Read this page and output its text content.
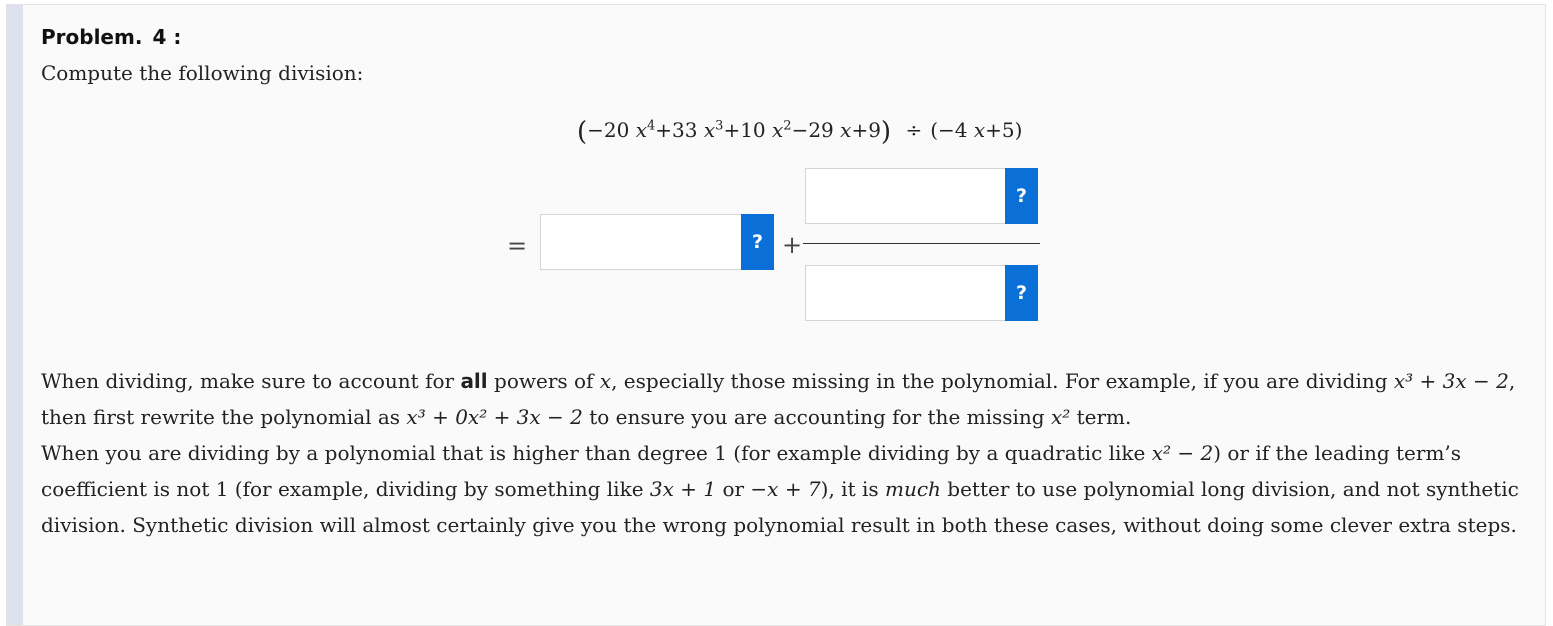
Problem. 4 :
Compute the following division:
(−20 $x^4+33$ $x^3+10$ $x^2-29$ x+9) ÷ (−4 x+5)
=	? +
?
?

When dividing, make sure to account for all powers of x, especially those missing in the polynomial. For example, if you are dividing x³ + 3x − 2, then first rewrite the polynomial as x³ + 0x² + 3x − 2 to ensure you are accounting for the missing x² term.

When you are dividing by a polynomial that is higher than degree 1 (for example dividing by a quadratic like x² − 2) or if the leading term’s coefficient is not 1 (for example, dividing by something like 3x + 1 or −x + 7), it is much better to use polynomial long division, and not synthetic division. Synthetic division will almost certainly give you the wrong polynomial result in both these cases, without doing some clever extra steps.
